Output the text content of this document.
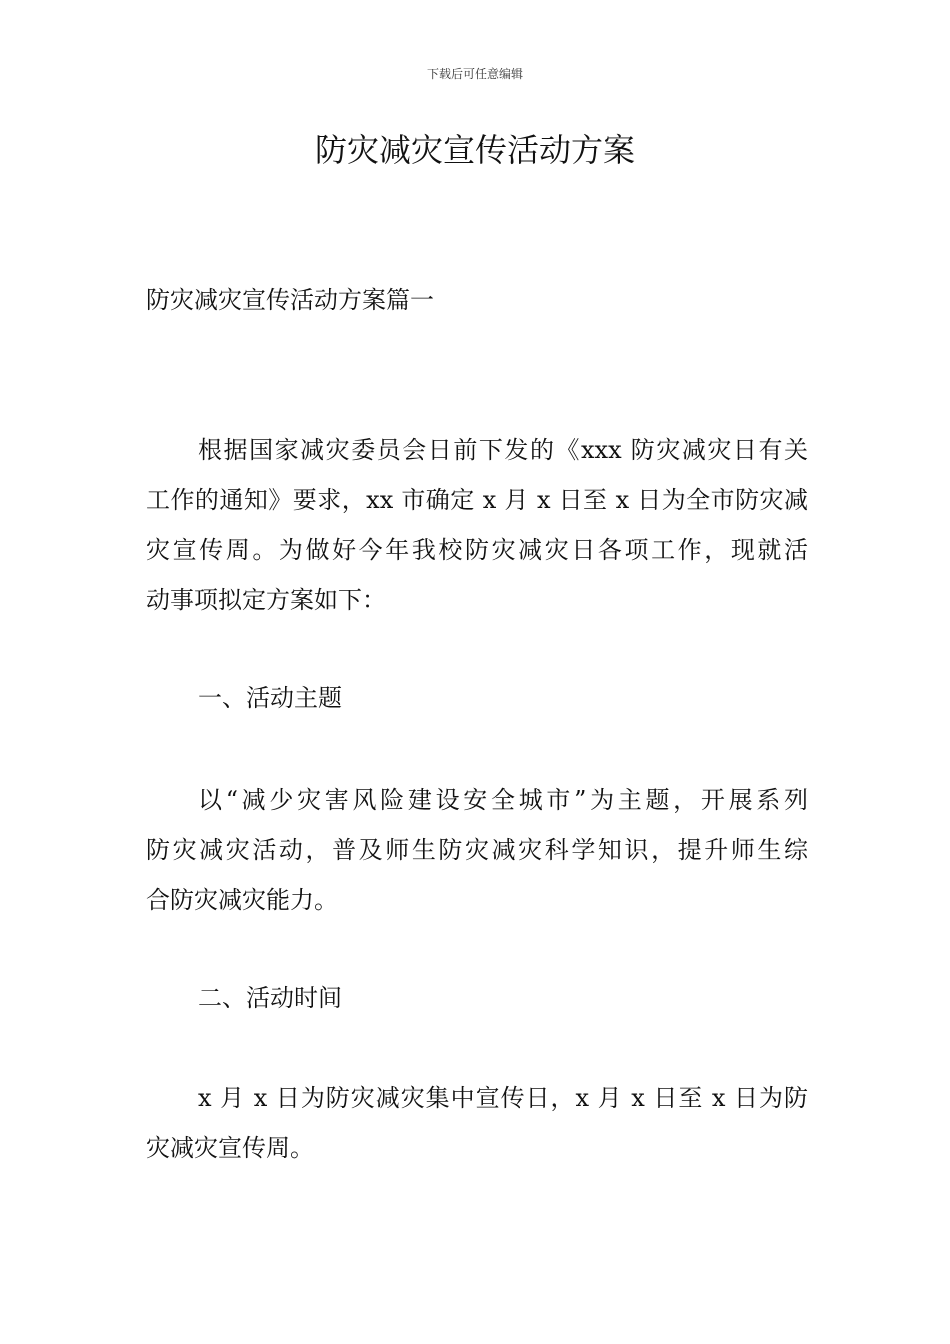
下载后可任意编辑
防灾减灾宣传活动方案

防灾减灾宣传活动方案篇一

根据国家减灾委员会日前下发的《xxx 防灾减灾日有关
工作的通知》要求，xx 市确定 x 月 x 日至 x 日为全市防灾减
灾宣传周。为做好今年我校防灾减灾日各项工作，现就活
动事项拟定方案如下：

一、活动主题

以“减少灾害风险建设安全城市”为主题，开展系列
防灾减灾活动，普及师生防灾减灾科学知识，提升师生综
合防灾减灾能力。

二、活动时间

x 月 x 日为防灾减灾集中宣传日，x 月 x 日至 x 日为防
灾减灾宣传周。
